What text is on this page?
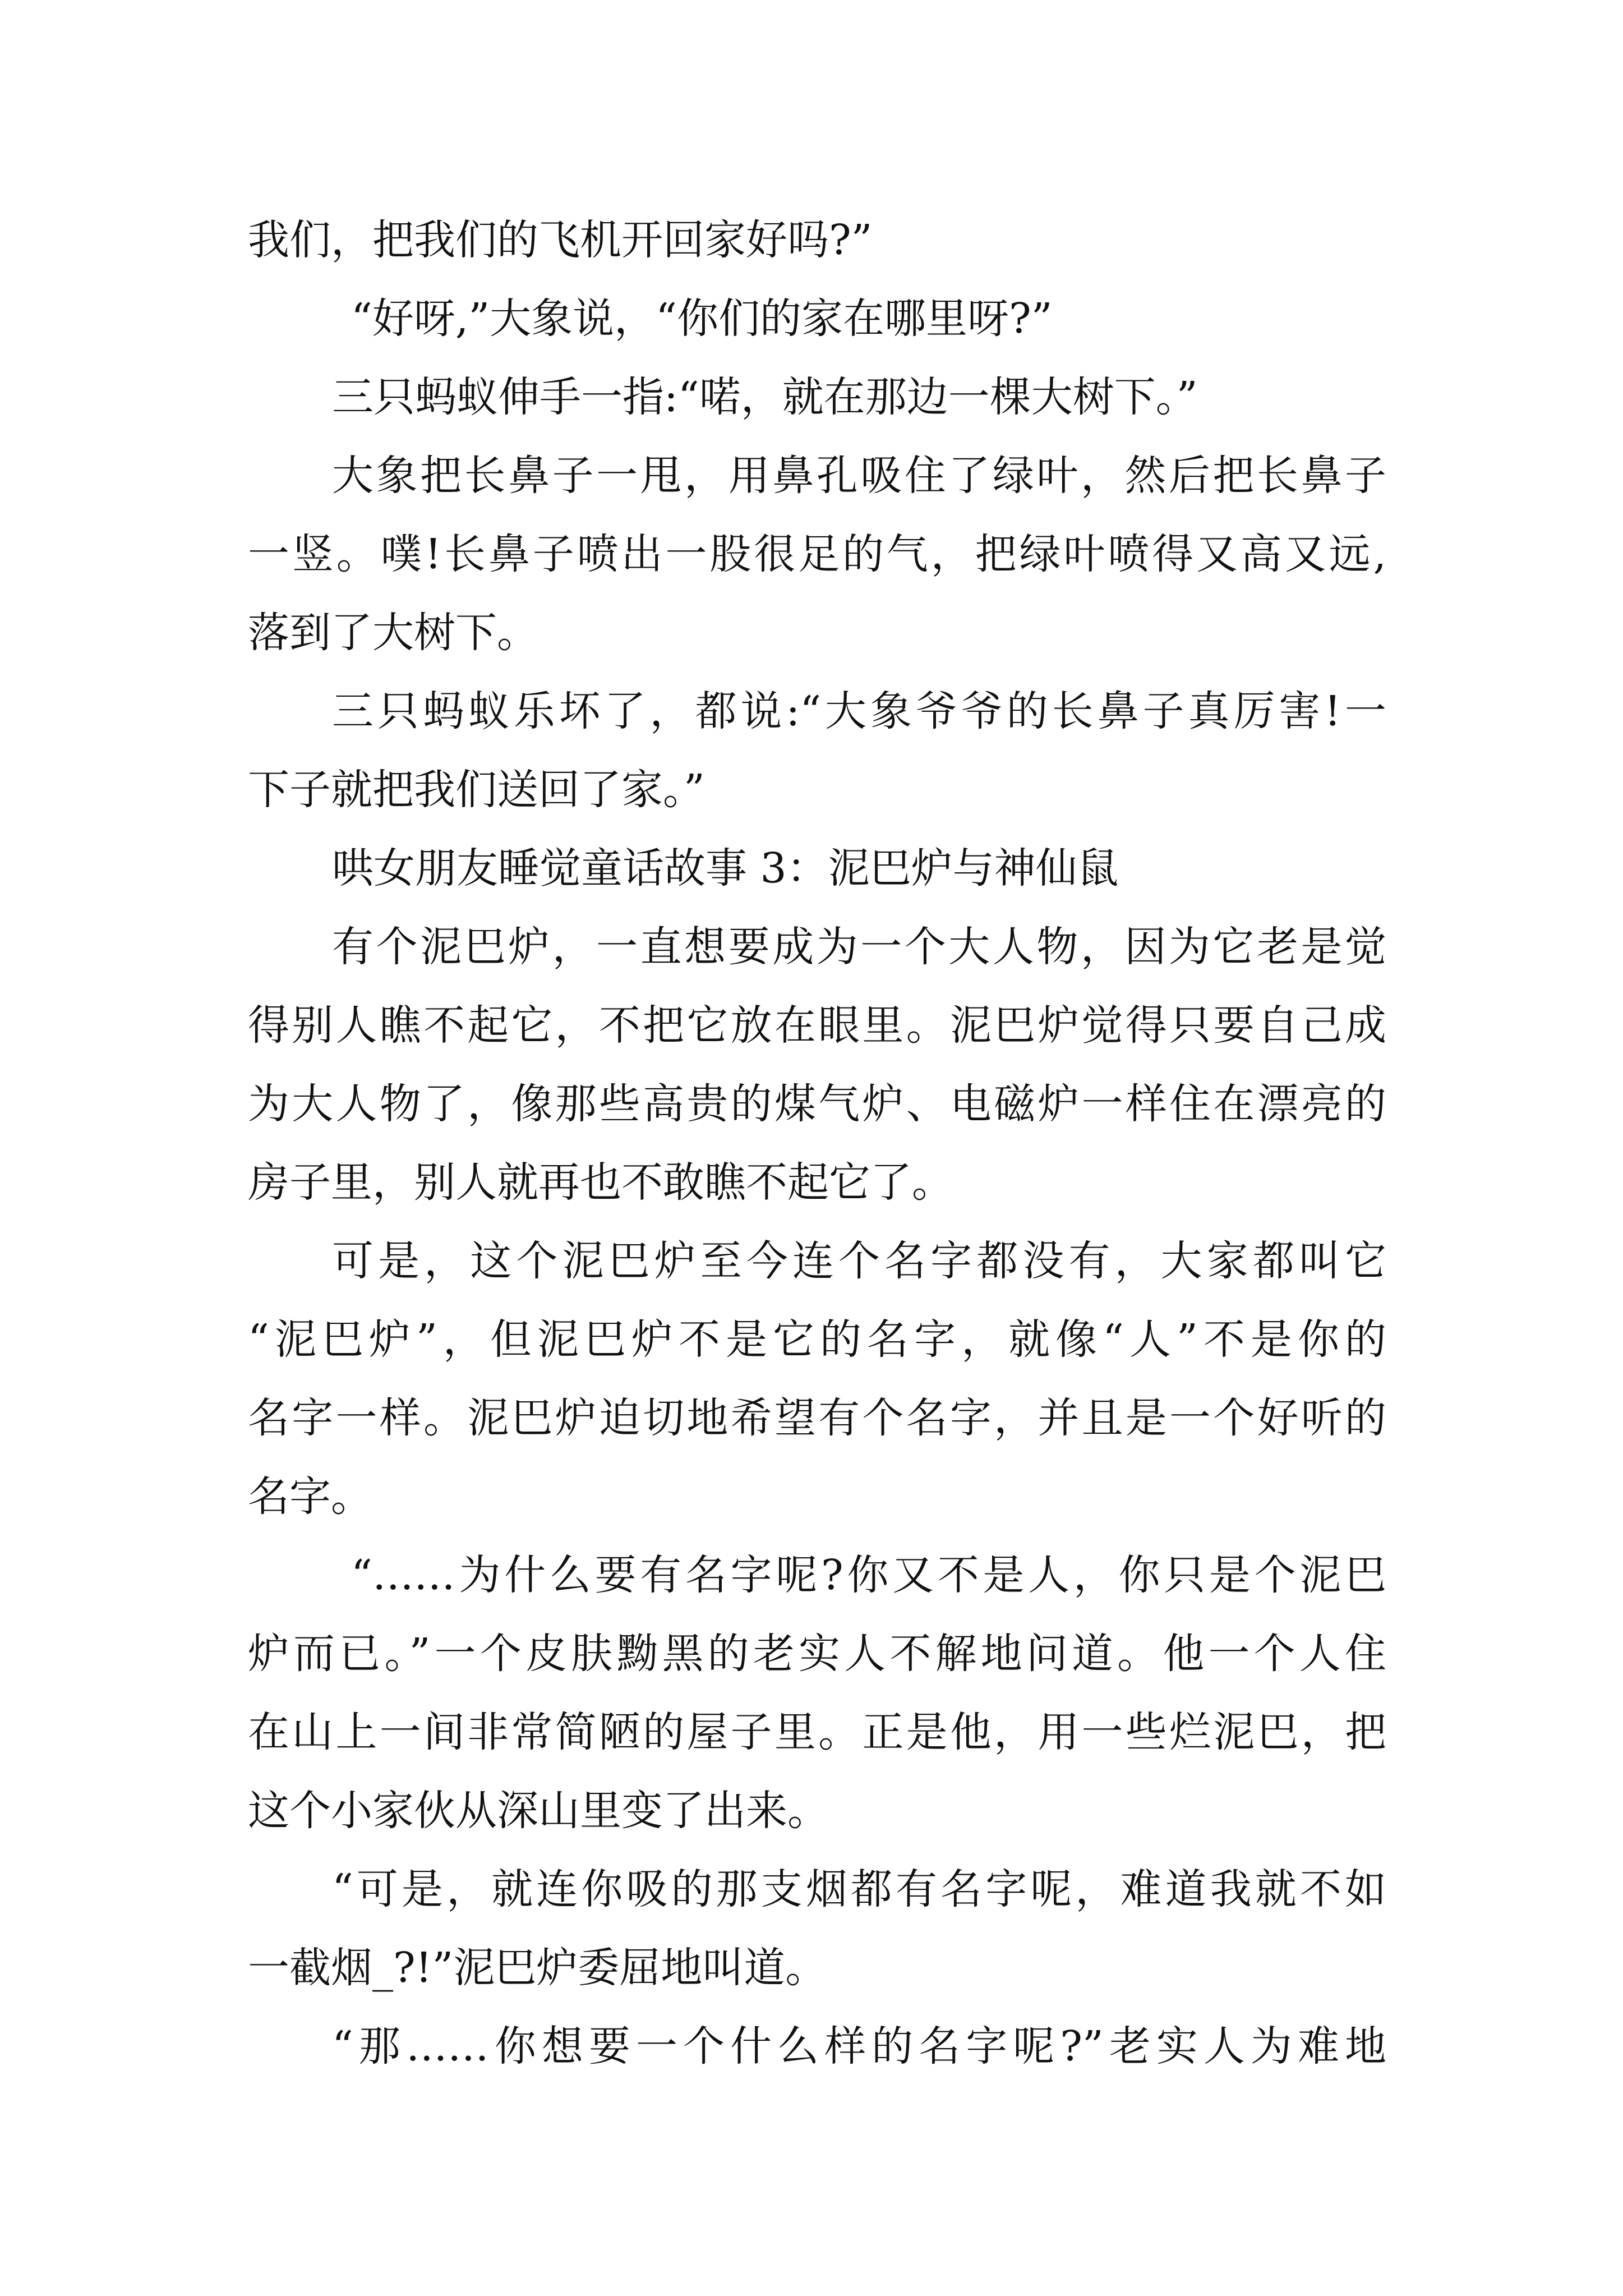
我们，把我们的飞机开回家好吗?”
“好呀,”大象说，“你们的家在哪里呀?”
三只蚂蚁伸手一指:“喏，就在那边一棵大树下。”
大象把长鼻子一甩，用鼻孔吸住了绿叶，然后把长鼻子
一竖。噗!长鼻子喷出一股很足的气，把绿叶喷得又高又远,
落到了大树下。
三只蚂蚁乐坏了，都说:“大象爷爷的长鼻子真厉害!一
下子就把我们送回了家。”
哄女朋友睡觉童话故事 3：泥巴炉与神仙鼠
有个泥巴炉，一直想要成为一个大人物，因为它老是觉
得别人瞧不起它，不把它放在眼里。泥巴炉觉得只要自己成
为大人物了，像那些高贵的煤气炉、电磁炉一样住在漂亮的
房子里，别人就再也不敢瞧不起它了。
可是，这个泥巴炉至今连个名字都没有，大家都叫它
“泥巴炉”，但泥巴炉不是它的名字，就像“人”不是你的
名字一样。泥巴炉迫切地希望有个名字，并且是一个好听的
名字。
“……为什么要有名字呢?你又不是人，你只是个泥巴
炉而已。”一个皮肤黝黑的老实人不解地问道。他一个人住
在山上一间非常简陋的屋子里。正是他，用一些烂泥巴，把
这个小家伙从深山里变了出来。
“可是，就连你吸的那支烟都有名字呢，难道我就不如
一截烟_?!”泥巴炉委屈地叫道。
“那……你想要一个什么样的名字呢?”老实人为难地
